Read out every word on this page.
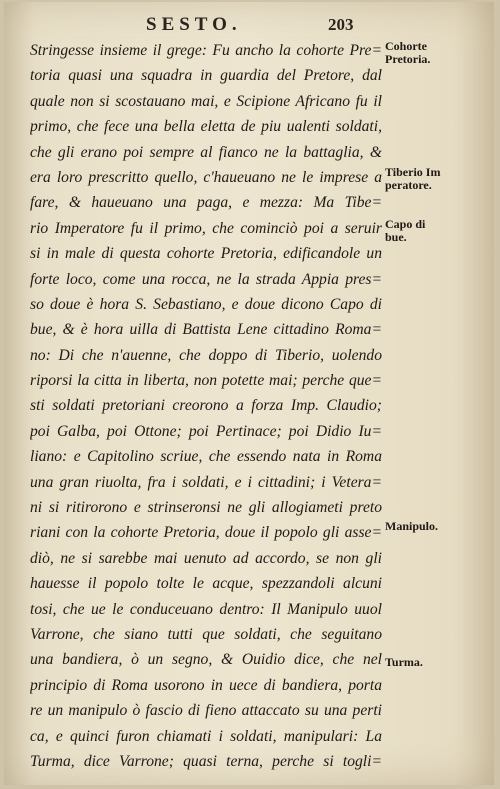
SESTO.	203
Stringesse insieme il grege: Fu ancho la cohorte Pre=
toria quasi una squadra in guardia del Pretore, dal
quale non si scostauano mai, e Scipione Africano fu il
primo, che fece una bella eletta de piu ualenti soldati,
che gli erano poi sempre al fianco ne la battaglia, &
era loro prescritto quello, c'haueuano ne le imprese a
fare, & haueuano una paga, e mezza: Ma Tibe=
rio Imperatore fu il primo, che cominciò poi a seruir
si in male di questa cohorte Pretoria, edificandole un
forte loco, come una rocca, ne la strada Appia pres=
so doue è hora S. Sebastiano, e doue dicono Capo di
bue, & è hora uilla di Battista Lene cittadino Roma=
no: Di che n'auenne, che doppo di Tiberio, uolendo
riporsi la citta in liberta, non potette mai; perche que=
sti soldati pretoriani creorono a forza Imp. Claudio;
poi Galba, poi Ottone; poi Pertinace; poi Didio Iu=
liano: e Capitolino scriue, che essendo nata in Roma
una gran riuolta, fra i soldati, e i cittadini; i Vetera=
ni si ritirorono e strinseronsi ne gli allogiameti preto
riani con la cohorte Pretoria, doue il popolo gli asse=
diò, ne si sarebbe mai uenuto ad accordo, se non gli
hauesse il popolo tolte le acque, spezzandoli alcuni
tosi, che ue le conduceuano dentro: Il Manipulo uuol
Varrone, che siano tutti que soldati, che seguitano
una bandiera, ò un segno, & Ouidio dice, che nel
principio di Roma usorono in uece di bandiera, porta
re un manipulo ò fascio di fieno attaccato su una perti
ca, e quinci furon chiamati i soldati, manipulari: La
Turma, dice Varrone; quasi terna, perche si togli=
Cohorte
Pretoria.
Tiberio Im
peratore.
Capo di
bue.
Manipulo.
Turma.
